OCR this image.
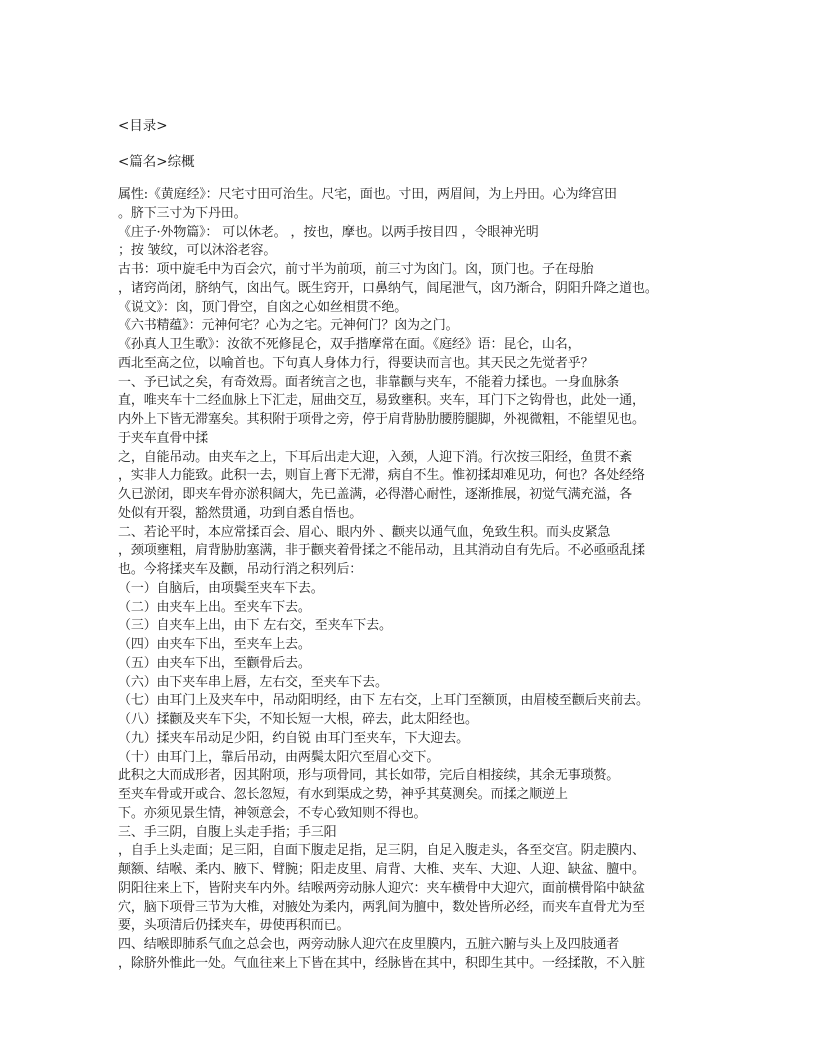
<目录>
<篇名>综概
属性:《黄庭经》：尺宅寸田可治生。尺宅，面也。寸田，两眉间，为上丹田。心为绛宫田
。脐下三寸为下丹田。
《庄子·外物篇》： 可以休老。 ，按也，摩也。以两手按目四 ，令眼神光明
；按 皱纹，可以沐浴老容。
古书：项中旋毛中为百会穴，前寸半为前项，前三寸为囟门。囟，顶门也。子在母胎
，诸窍尚闭，脐纳气，囟出气。既生窍开，口鼻纳气，闾尾泄气，囟乃渐合，阴阳升降之道也。
《说文》：囟，顶门骨空，自囟之心如丝相贯不绝。
《六书精蕴》：元神何宅？心为之宅。元神何门？囟为之门。
《孙真人卫生歌》：汝欲不死修昆仑，双手揩摩常在面。《庭经》语：昆仑，山名，
西北至高之位，以喻首也。下句真人身体力行，得要诀而言也。其天民之先觉者乎？
一、予已试之矣，有奇效焉。面者统言之也，非靠颧与夹车，不能着力揉也。一身血脉条
直，唯夹车十二经血脉上下汇走，屈曲交互，易致壅积。夹车，耳门下之钩骨也，此处一通，
内外上下皆无滞塞矣。其积附于项骨之旁，停于肩背胁肋腰胯腿脚，外视微粗，不能望见也。
于夹车直骨中揉
之，自能吊动。由夹车之上，下耳后出走大迎，入颈，人迎下消。行次按三阳经，鱼贯不紊
，实非人力能致。此积一去，则盲上膏下无滞，病自不生。惟初揉却难见功，何也？各处经络
久已淤闭，即夹车骨亦淤积阔大，先已盖满，必得潜心耐性，逐渐推展，初觉气满充溢，各
处似有开裂，豁然贯通，功到自悉自悟也。
二、若论平时，本应常揉百会、眉心、眼内外 、颧夹以通气血，免致生积。而头皮紧急
，颈项壅粗，肩背胁肋塞满，非于颧夹着骨揉之不能吊动，且其消动自有先后。不必亟亟乱揉
也。今将揉夹车及颧，吊动行消之积列后：
（一）自脑后，由项鬓至夹车下去。
（二）由夹车上出。至夹车下去。
（三）自夹车上出，由下 左右交，至夹车下去。
（四）由夹车下出，至夹车上去。
（五）由夹车下出，至颧骨后去。
（六）由下夹车串上唇，左右交，至夹车下去。
（七）由耳门上及夹车中，吊动阳明经，由下 左右交，上耳门至额顶，由眉棱至颧后夹前去。
（八）揉颧及夹车下尖，不知长短一大根，碎去，此太阳经也。
（九）揉夹车吊动足少阳，约自锐 由耳门至夹车，下大迎去。
（十）由耳门上，靠后吊动，由两鬓太阳穴至眉心交下。
此积之大而成形者，因其附项，形与项骨同，其长如带，完后自相接续，其余无事琐赘。
至夹车骨或开或合、忽长忽短，有水到渠成之势，神乎其莫测矣。而揉之顺逆上
下。亦须见景生情，神领意会，不专心致知则不得也。
三、手三阴，自腹上头走手指；手三阳
，自手上头走面；足三阳，自面下腹走足指，足三阴，自足入腹走头，各至交宫。阴走膜内、
颠额、结喉、柔内、腋下、臂腕；阳走皮里、肩背、大椎、夹车、大迎、人迎、缺盆、膻中。
阴阳往来上下，皆附夹车内外。结喉两旁动脉人迎穴：夹车横骨中大迎穴，面前横骨陷中缺盆
穴，脑下项骨三节为大椎，对腋处为柔内，两乳间为膻中，数处皆所必经，而夹车直骨尤为至
要，头项清后仍揉夹车，毋使再积而已。
四、结喉即肺系气血之总会也，两旁动脉人迎穴在皮里膜内，五脏六腑与头上及四肢通者
，除脐外惟此一处。气血往来上下皆在其中，经脉皆在其中，积即生其中。一经揉散，不入脏
